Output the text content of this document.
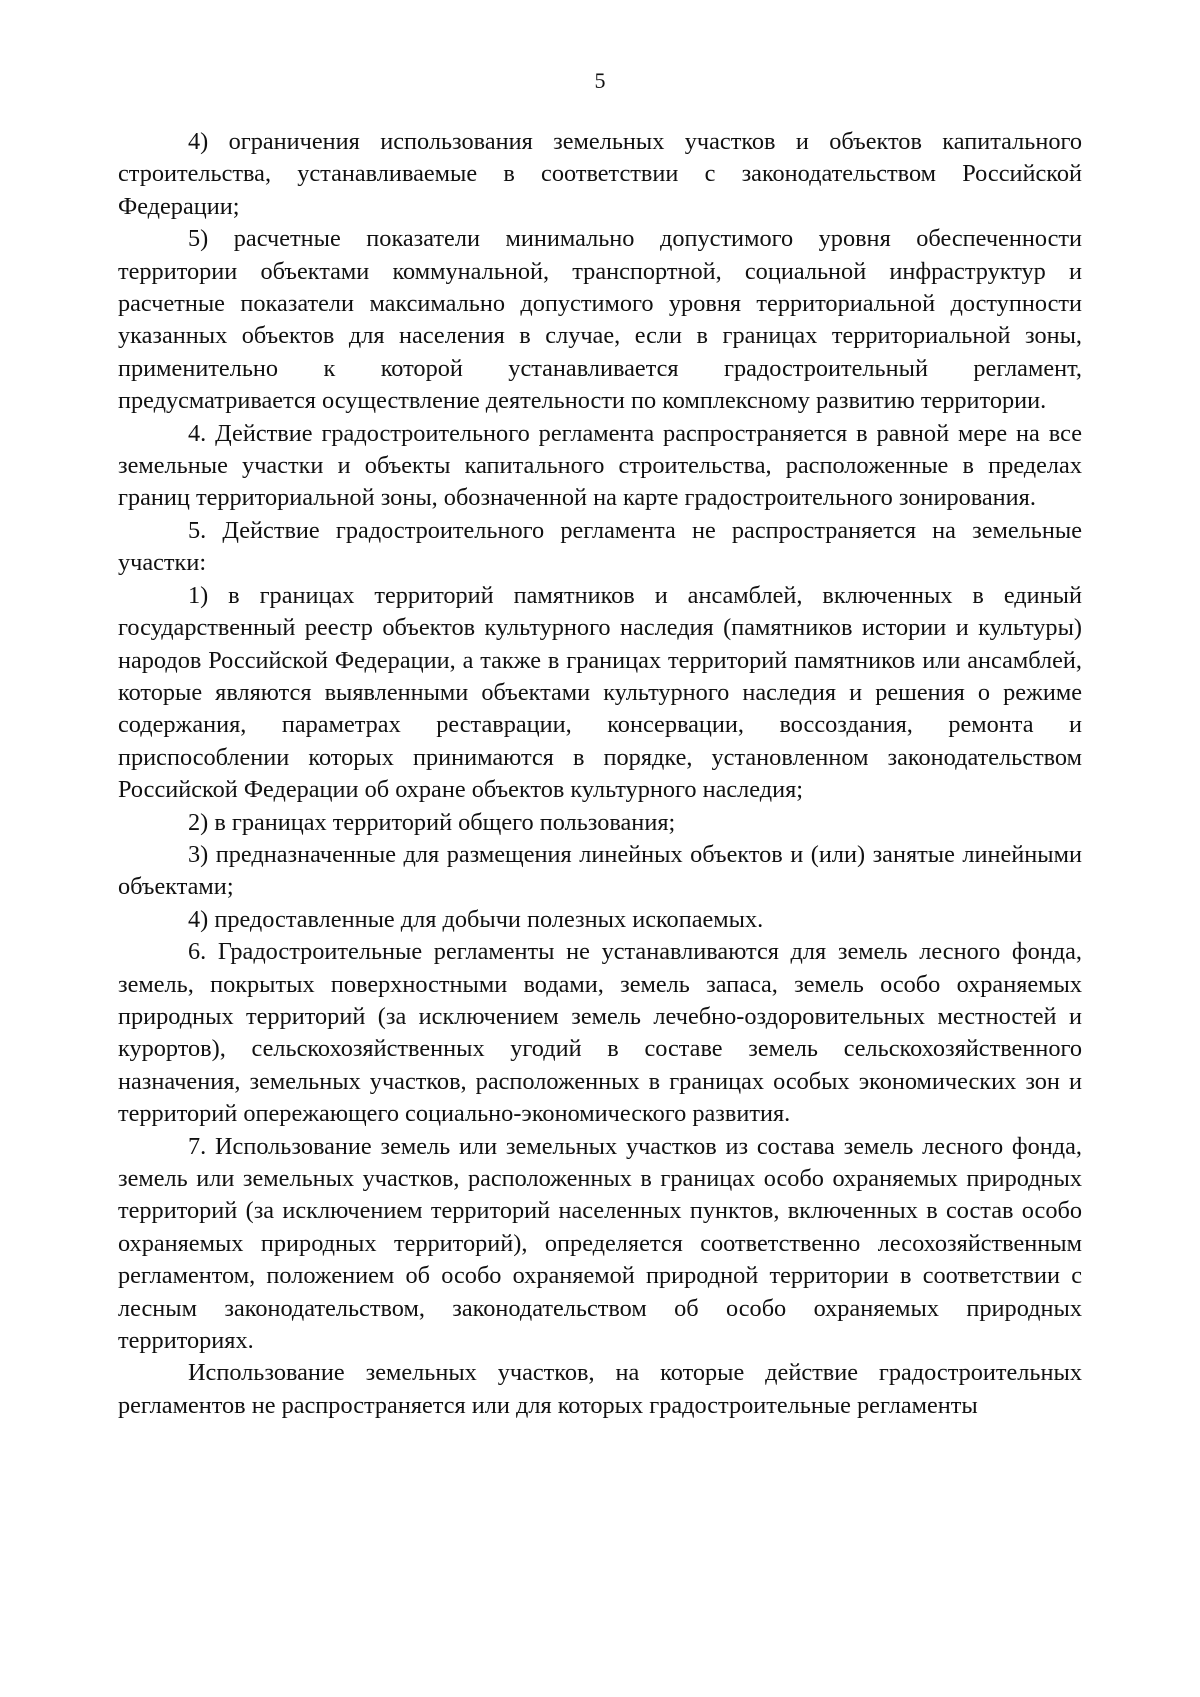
5

4) ограничения использования земельных участков и объектов капитального строительства, устанавливаемые в соответствии с законодательством Российской Федерации;

5) расчетные показатели минимально допустимого уровня обеспеченности территории объектами коммунальной, транспортной, социальной инфраструктур и расчетные показатели максимально допустимого уровня территориальной доступности указанных объектов для населения в случае, если в границах территориальной зоны, применительно к которой устанавливается градостроительный регламент, предусматривается осуществление деятельности по комплексному развитию территории.

4. Действие градостроительного регламента распространяется в равной мере на все земельные участки и объекты капитального строительства, расположенные в пределах границ территориальной зоны, обозначенной на карте градостроительного зонирования.

5. Действие градостроительного регламента не распространяется на земельные участки:

1) в границах территорий памятников и ансамблей, включенных в единый государственный реестр объектов культурного наследия (памятников истории и культуры) народов Российской Федерации, а также в границах территорий памятников или ансамблей, которые являются выявленными объектами культурного наследия и решения о режиме содержания, параметрах реставрации, консервации, воссоздания, ремонта и приспособлении которых принимаются в порядке, установленном законодательством Российской Федерации об охране объектов культурного наследия;

2) в границах территорий общего пользования;

3) предназначенные для размещения линейных объектов и (или) занятые линейными объектами;

4) предоставленные для добычи полезных ископаемых.

6. Градостроительные регламенты не устанавливаются для земель лесного фонда, земель, покрытых поверхностными водами, земель запаса, земель особо охраняемых природных территорий (за исключением земель лечебно-оздоровительных местностей и курортов), сельскохозяйственных угодий в составе земель сельскохозяйственного назначения, земельных участков, расположенных в границах особых экономических зон и территорий опережающего социально-экономического развития.

7. Использование земель или земельных участков из состава земель лесного фонда, земель или земельных участков, расположенных в границах особо охраняемых природных территорий (за исключением территорий населенных пунктов, включенных в состав особо охраняемых природных территорий), определяется соответственно лесохозяйственным регламентом, положением об особо охраняемой природной территории в соответствии с лесным законодательством, законодательством об особо охраняемых природных территориях.

Использование земельных участков, на которые действие градостроительных регламентов не распространяется или для которых градостроительные регламенты
